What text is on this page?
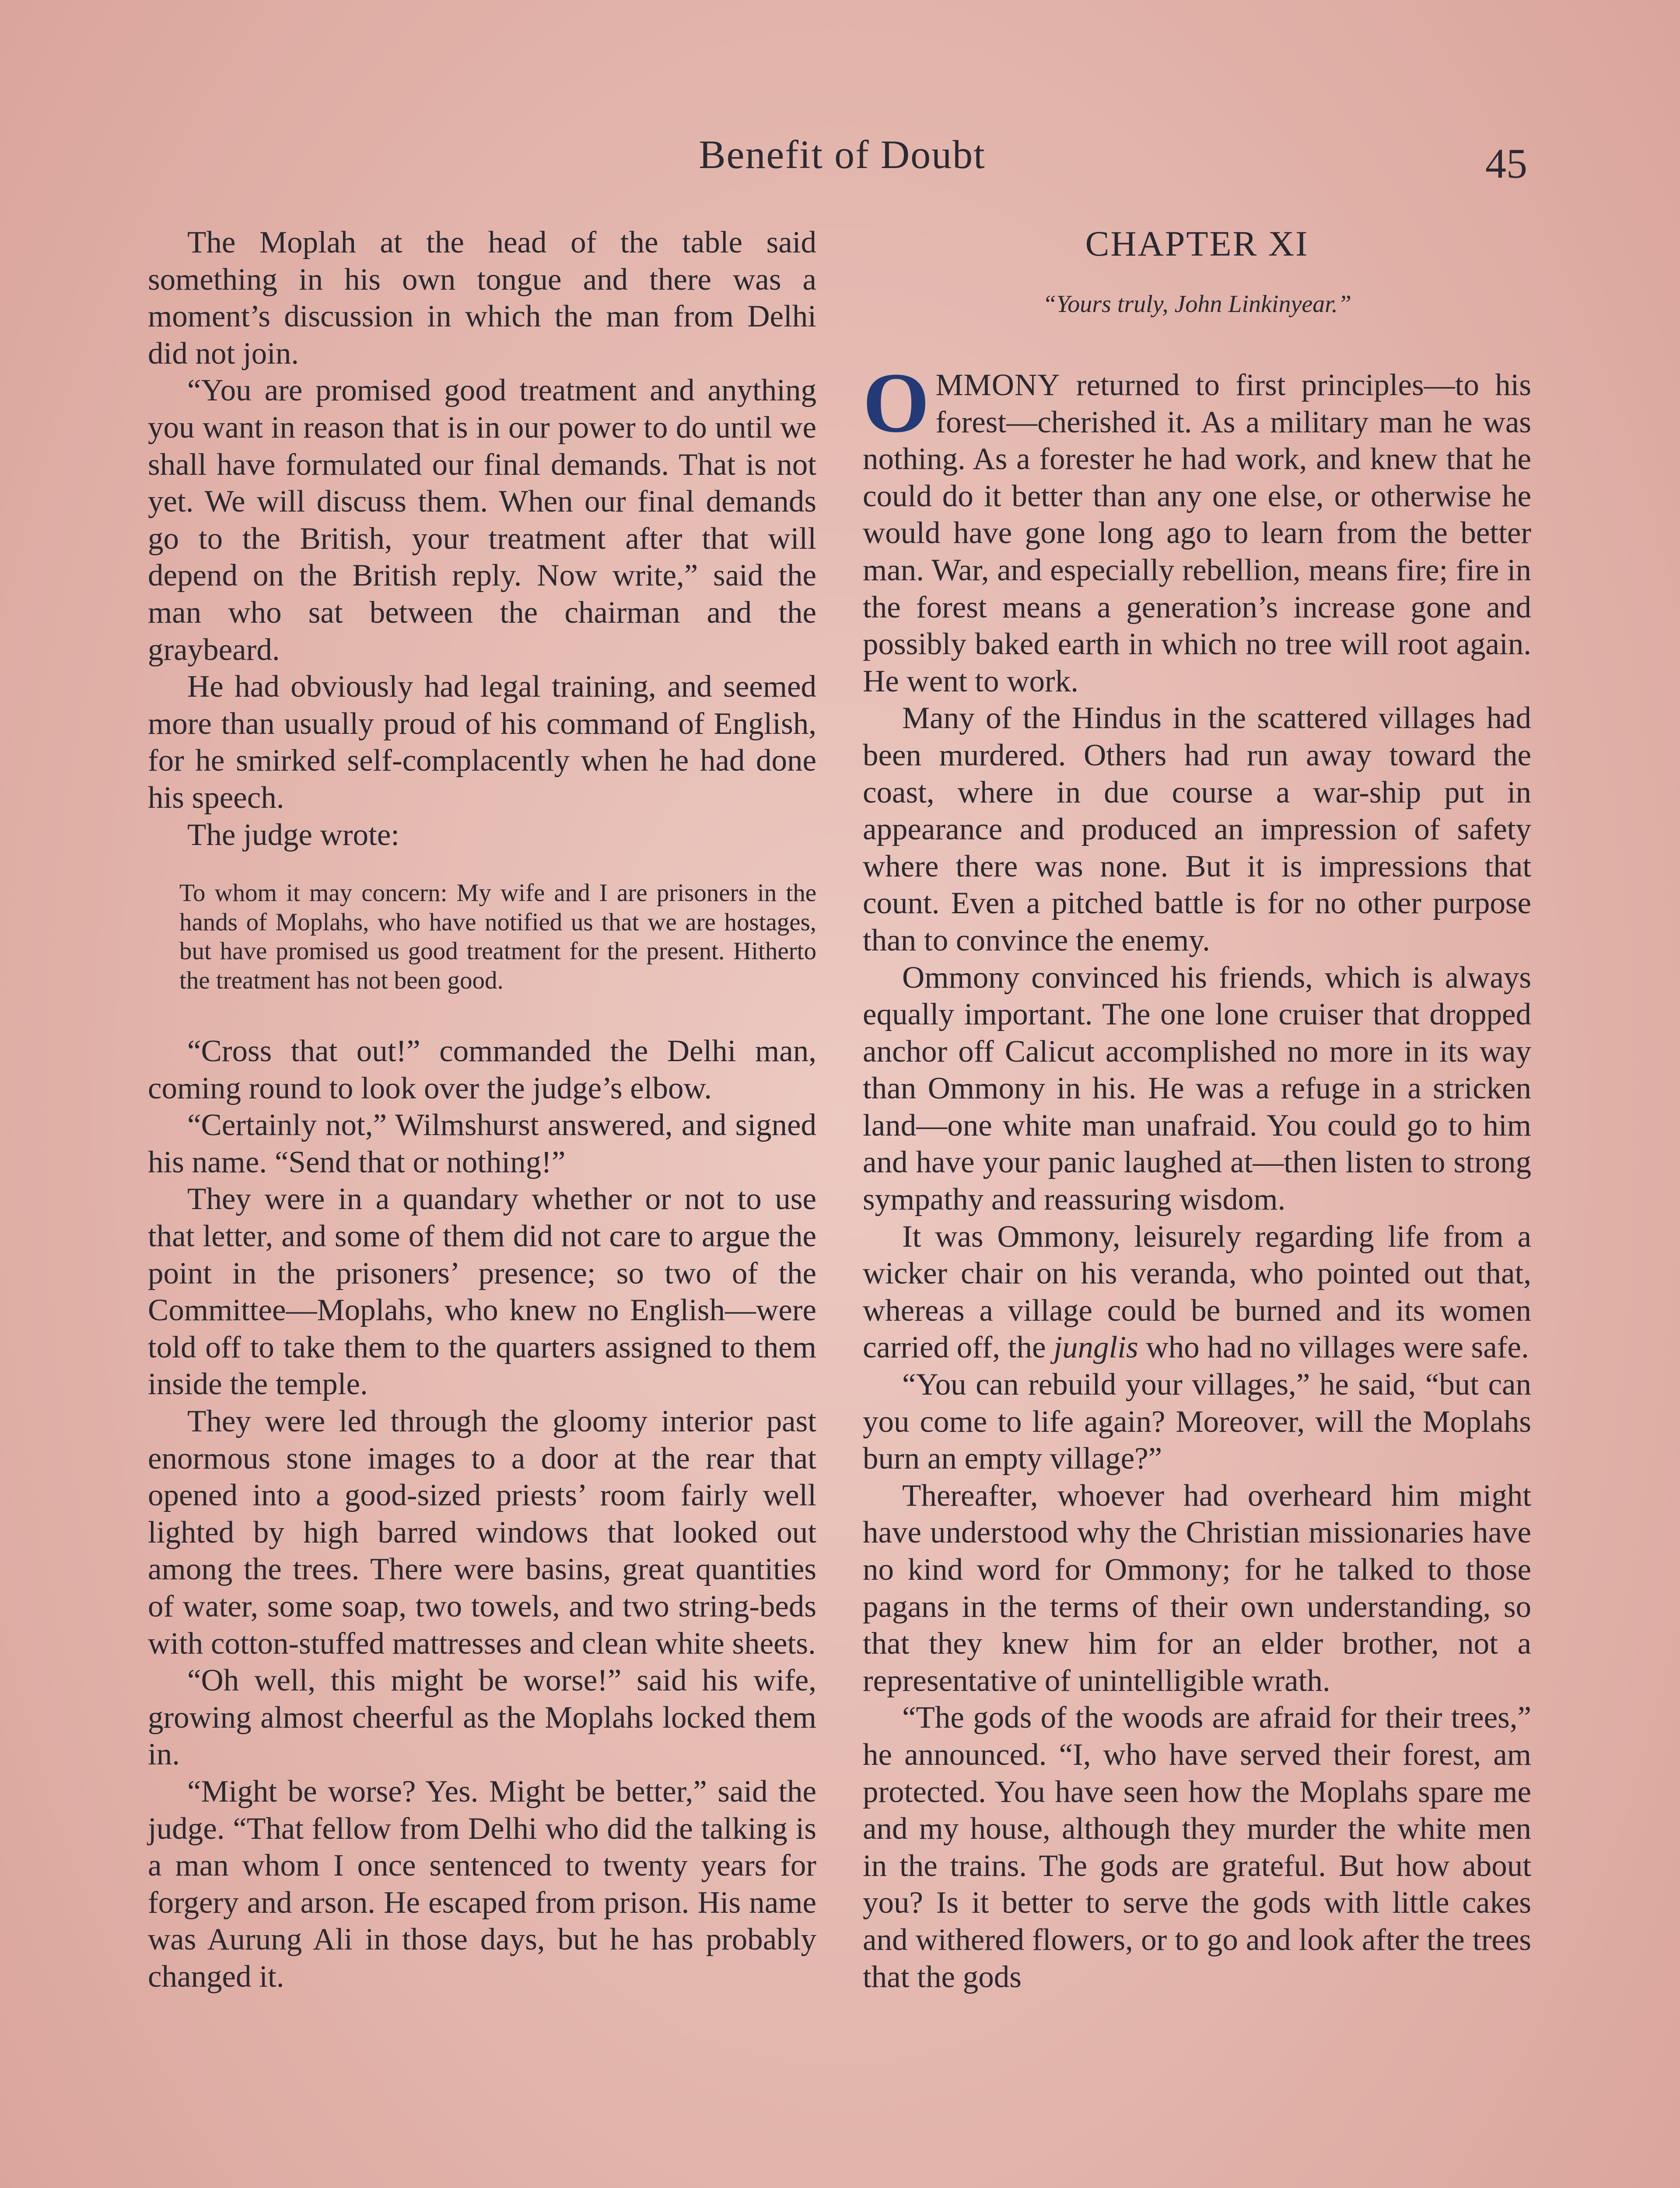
Benefit of Doubt	45

The Moplah at the head of the table said something in his own tongue and there was a moment’s discussion in which the man from Delhi did not join.

“You are promised good treatment and anything you want in reason that is in our power to do until we shall have formulated our final demands. That is not yet. We will discuss them. When our final demands go to the British, your treatment after that will depend on the British reply. Now write,” said the man who sat between the chairman and the graybeard.

He had obviously had legal training, and seemed more than usually proud of his command of English, for he smirked self-complacently when he had done his speech.

The judge wrote:

To whom it may concern: My wife and I are prisoners in the hands of Moplahs, who have notified us that we are hostages, but have promised us good treatment for the present. Hitherto the treatment has not been good.

“Cross that out!” commanded the Delhi man, coming round to look over the judge’s elbow.

“Certainly not,” Wilmshurst answered, and signed his name. “Send that or nothing!”

They were in a quandary whether or not to use that letter, and some of them did not care to argue the point in the prisoners’ presence; so two of the Committee—Moplahs, who knew no English—were told off to take them to the quarters assigned to them inside the temple.

They were led through the gloomy interior past enormous stone images to a door at the rear that opened into a good-sized priests’ room fairly well lighted by high barred windows that looked out among the trees. There were basins, great quantities of water, some soap, two towels, and two string-beds with cotton-stuffed mattresses and clean white sheets.

“Oh well, this might be worse!” said his wife, growing almost cheerful as the Moplahs locked them in.

“Might be worse? Yes. Might be better,” said the judge. “That fellow from Delhi who did the talking is a man whom I once sentenced to twenty years for forgery and arson. He escaped from prison. His name was Aurung Ali in those days, but he has probably changed it.

CHAPTER XI
“Yours truly, John Linkinyear.”

OMMONY returned to first principles—to his forest—cherished it. As a military man he was nothing. As a forester he had work, and knew that he could do it better than any one else, or otherwise he would have gone long ago to learn from the better man. War, and especially rebellion, means fire; fire in the forest means a generation’s increase gone and possibly baked earth in which no tree will root again. He went to work.

Many of the Hindus in the scattered villages had been murdered. Others had run away toward the coast, where in due course a war-ship put in appearance and produced an impression of safety where there was none. But it is impressions that count. Even a pitched battle is for no other purpose than to convince the enemy.

Ommony convinced his friends, which is always equally important. The one lone cruiser that dropped anchor off Calicut accomplished no more in its way than Ommony in his. He was a refuge in a stricken land—one white man unafraid. You could go to him and have your panic laughed at—then listen to strong sympathy and reassuring wisdom.

It was Ommony, leisurely regarding life from a wicker chair on his veranda, who pointed out that, whereas a village could be burned and its women carried off, the junglis who had no villages were safe.

“You can rebuild your villages,” he said, “but can you come to life again? Moreover, will the Moplahs burn an empty village?”

Thereafter, whoever had overheard him might have understood why the Christian missionaries have no kind word for Ommony; for he talked to those pagans in the terms of their own understanding, so that they knew him for an elder brother, not a representative of unintelligible wrath.

“The gods of the woods are afraid for their trees,” he announced. “I, who have served their forest, am protected. You have seen how the Moplahs spare me and my house, although they murder the white men in the trains. The gods are grateful. But how about you? Is it better to serve the gods with little cakes and withered flowers, or to go and look after the trees that the gods
